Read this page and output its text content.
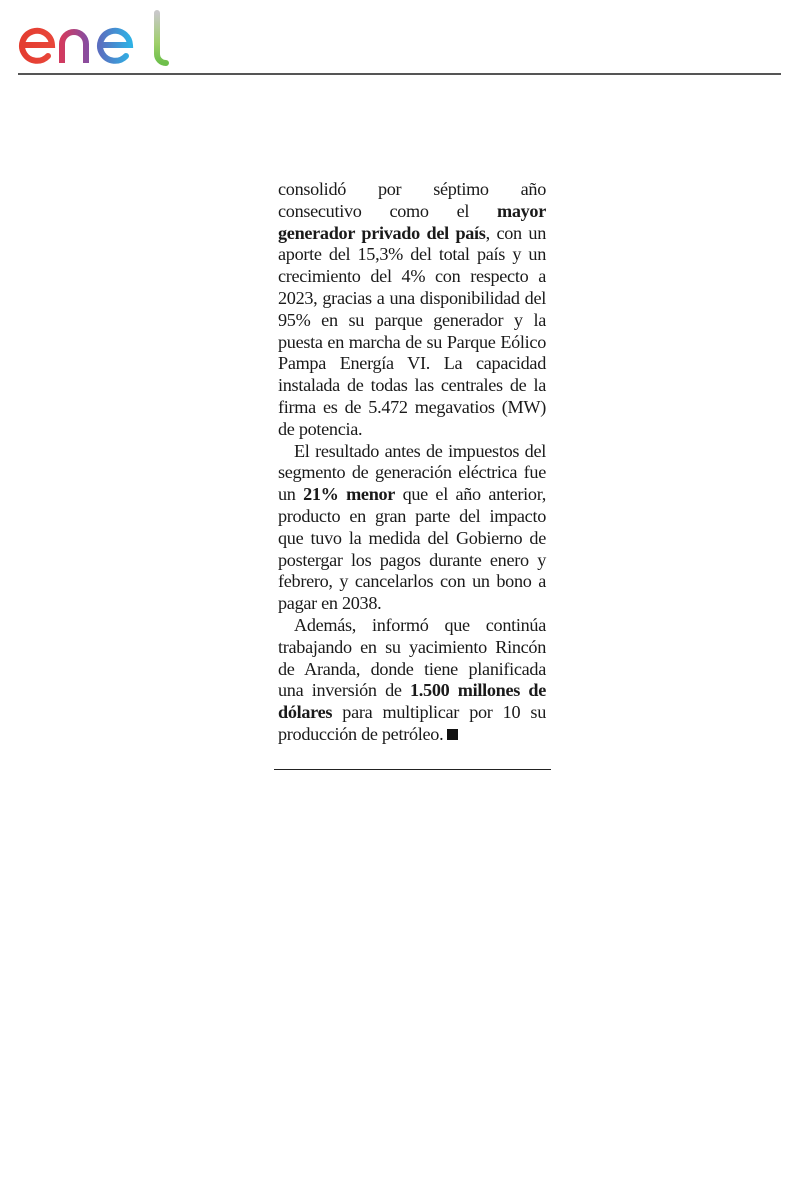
consolidó por séptimo año consecutivo como el mayor generador privado del país, con un aporte del 15,3% del total país y un crecimiento del 4% con respecto a 2023, gracias a una disponibilidad del 95% en su parque generador y la puesta en marcha de su Parque Eólico Pampa Energía VI. La capacidad instalada de todas las centrales de la firma es de 5.472 megavatios (MW) de potencia.

El resultado antes de impuestos del segmento de generación eléctrica fue un 21% menor que el año anterior, producto en gran parte del impacto que tuvo la medida del Gobierno de postergar los pagos durante enero y febrero, y cancelarlos con un bono a pagar en 2038.

Además, informó que continúa trabajando en su yacimiento Rincón de Aranda, donde tiene planificada una inversión de 1.500 millones de dólares para multiplicar por 10 su producción de petróleo.
